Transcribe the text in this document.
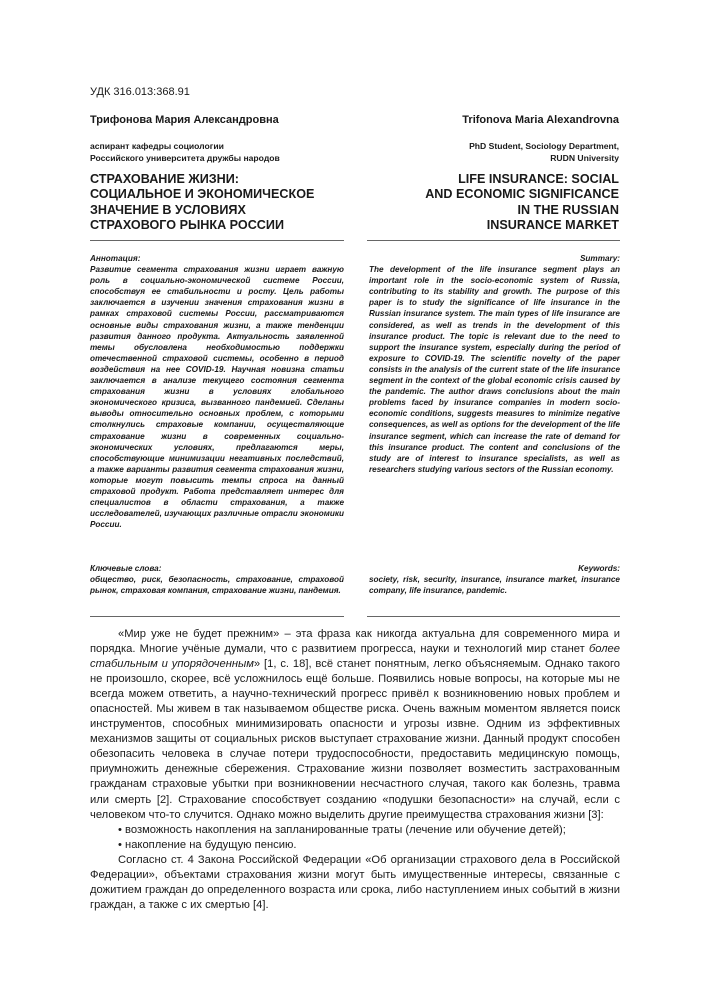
УДК 316.013:368.91
Трифонова Мария Александровна	Trifonova Maria Alexandrovna
аспирант кафедры социологии
Российского университета дружбы народов
PhD Student, Sociology Department,
RUDN University
СТРАХОВАНИЕ ЖИЗНИ:
СОЦИАЛЬНОЕ И ЭКОНОМИЧЕСКОЕ
ЗНАЧЕНИЕ В УСЛОВИЯХ
СТРАХОВОГО РЫНКА РОССИИ
LIFE INSURANCE: SOCIAL
AND ECONOMIC SIGNIFICANCE
IN THE RUSSIAN
INSURANCE MARKET
Аннотация:
Развитие сегмента страхования жизни играет важную роль в социально-экономической системе России, способствуя ее стабильности и росту. Цель работы заключается в изучении значения страхования жизни в рамках страховой системы России, рассматриваются основные виды страхования жизни, а также тенденции развития данного продукта. Актуальность заявленной темы обусловлена необходимостью поддержки отечественной страховой системы, особенно в период воздействия на нее COVID-19. Научная новизна статьи заключается в анализе текущего состояния сегмента страхования жизни в условиях глобального экономического кризиса, вызванного пандемией. Сделаны выводы относительно основных проблем, с которыми столкнулись страховые компании, осуществляющие страхование жизни в современных социально-экономических условиях, предлагаются меры, способствующие минимизации негативных последствий, а также варианты развития сегмента страхования жизни, которые могут повысить темпы спроса на данный страховой продукт. Работа представляет интерес для специалистов в области страхования, а также исследователей, изучающих различные отрасли экономики России.
Summary:
The development of the life insurance segment plays an important role in the socio-economic system of Russia, contributing to its stability and growth. The purpose of this paper is to study the significance of life insurance in the Russian insurance system. The main types of life insurance are considered, as well as trends in the development of this insurance product. The topic is relevant due to the need to support the insurance system, especially during the period of exposure to COVID-19. The scientific novelty of the paper consists in the analysis of the current state of the life insurance segment in the context of the global economic crisis caused by the pandemic. The author draws conclusions about the main problems faced by insurance companies in modern socio-economic conditions, suggests measures to minimize negative consequences, as well as options for the development of the life insurance segment, which can increase the rate of demand for this insurance product. The content and conclusions of the study are of interest to insurance specialists, as well as researchers studying various sectors of the Russian economy.
Ключевые слова:
общество, риск, безопасность, страхование, страховой рынок, страховая компания, страхование жизни, пандемия.
Keywords:
society, risk, security, insurance, insurance market, insurance company, life insurance, pandemic.

«Мир уже не будет прежним» – эта фраза как никогда актуальна для современного мира и порядка. Многие учёные думали, что с развитием прогресса, науки и технологий мир станет более стабильным и упорядоченным» [1, с. 18], всё станет понятным, легко объясняемым. Однако такого не произошло, скорее, всё усложнилось ещё больше. Появились новые вопросы, на которые мы не всегда можем ответить, а научно-технический прогресс привёл к возникновению новых проблем и опасностей. Мы живем в так называемом обществе риска. Очень важным моментом является поиск инструментов, способных минимизировать опасности и угрозы извне. Одним из эффективных механизмов защиты от социальных рисков выступает страхование жизни. Данный продукт способен обезопасить человека в случае потери трудоспособности, предоставить медицинскую помощь, приумножить денежные сбережения. Страхование жизни позволяет возместить застрахованным гражданам страховые убытки при возникновении несчастного случая, такого как болезнь, травма или смерть [2]. Страхование способствует созданию «подушки безопасности» на случай, если с человеком что-то случится. Однако можно выделить другие преимущества страхования жизни [3]:

• возможность накопления на запланированные траты (лечение или обучение детей);

• накопление на будущую пенсию.

Согласно ст. 4 Закона Российской Федерации «Об организации страхового дела в Российской Федерации», объектами страхования жизни могут быть имущественные интересы, связанные с дожитием граждан до определенного возраста или срока, либо наступлением иных событий в жизни граждан, а также с их смертью [4].
